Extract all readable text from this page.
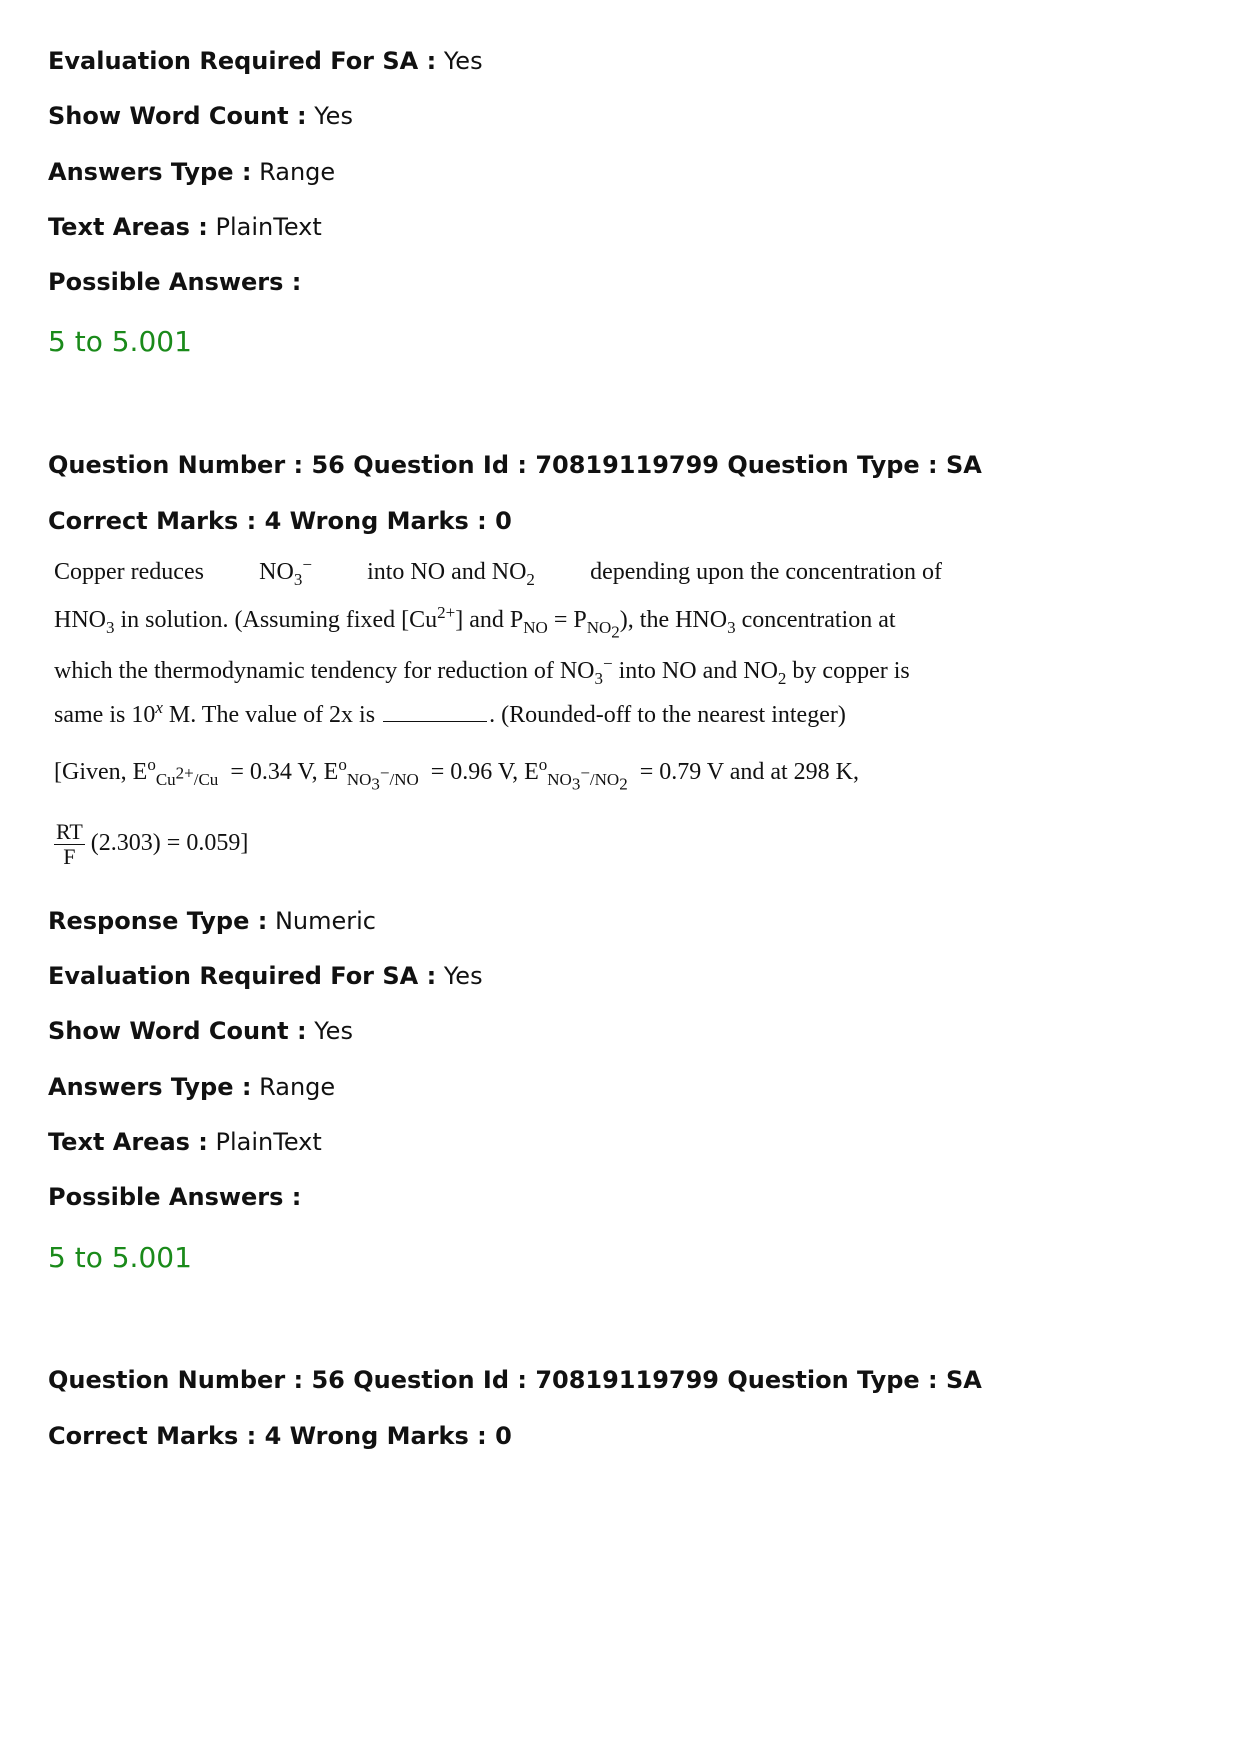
Evaluation Required For SA : Yes
Show Word Count : Yes
Answers Type : Range
Text Areas : PlainText
Possible Answers :
5 to 5.001
Question Number : 56 Question Id : 70819119799 Question Type : SA
Correct Marks : 4 Wrong Marks : 0
Copper reduces $NO_3^-$ into NO and $NO_2$ depending upon the concentration of
$HNO_3$ in solution. (Assuming fixed $[Cu^{2+}]$ and $P_{NO} = P_{NO_2}$), the $HNO_3$ concentration at
which the thermodynamic tendency for reduction of $NO_3^-$ into NO and $NO_2$ by copper is
same is 10$^x$ M. The value of 2x is	. (Rounded-off to the nearest integer)
[Given, $E^o_{Cu^{2+}/Cu} = 0.34$ V, $E^o_{NO_3^-/NO} = 0.96$ V, $E^o_{NO_3^-/NO_2} = 0.79$ V and at 298 K,
$\frac{RT}{F} (2.303) = 0.059$]
Response Type : Numeric
Evaluation Required For SA : Yes
Show Word Count : Yes
Answers Type : Range
Text Areas : PlainText
Possible Answers :
5 to 5.001
Question Number : 56 Question Id : 70819119799 Question Type : SA
Correct Marks : 4 Wrong Marks : 0
